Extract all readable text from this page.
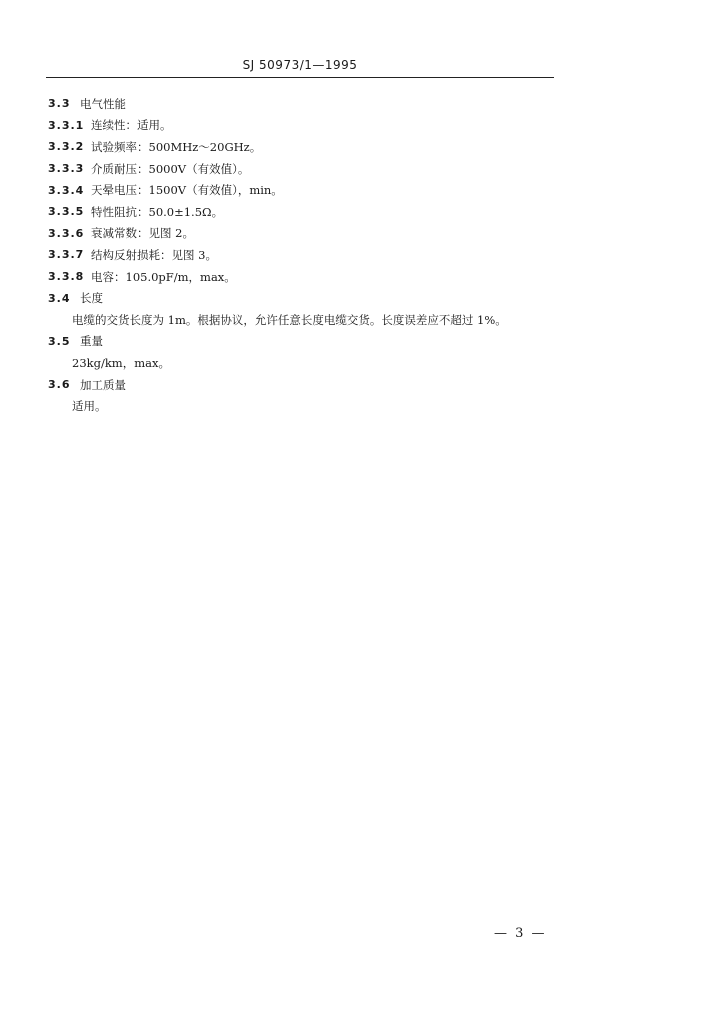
SJ 50973/1—1995
3.3 电气性能
3.3.1 连续性：适用。
3.3.2 试验频率：500MHz～20GHz。
3.3.3 介质耐压：5000V（有效值）。
3.3.4 天晕电压：1500V（有效值），min。
3.3.5 特性阻抗：50.0±1.5Ω。
3.3.6 衰减常数：见图 2。
3.3.7 结构反射损耗：见图 3。
3.3.8 电容：105.0pF/m，max。
3.4 长度
电缆的交货长度为 1m。根据协议，允许任意长度电缆交货。长度误差应不超过 1%。
3.5 重量
23kg/km，max。
3.6 加工质量
适用。
— 3 —
